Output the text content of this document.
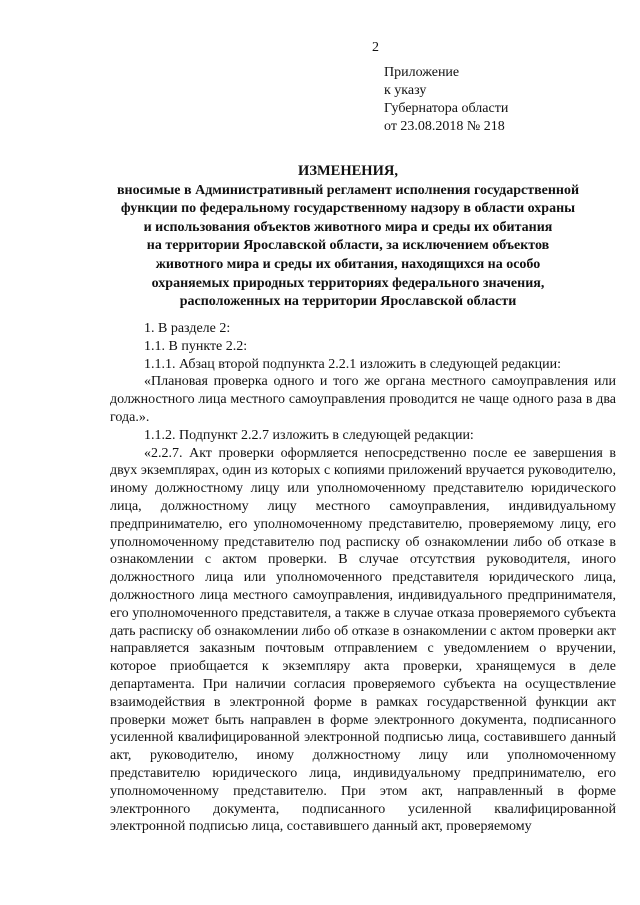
2
Приложение
к указу
Губернатора области
от 23.08.2018 № 218
ИЗМЕНЕНИЯ,
вносимые в Административный регламент исполнения государственной
функции по федеральному государственному надзору в области охраны
и использования объектов животного мира и среды их обитания
на территории Ярославской области, за исключением объектов
животного мира и среды их обитания, находящихся на особо
охраняемых природных территориях федерального значения,
расположенных на территории Ярославской области
1. В разделе 2:
1.1. В пункте 2.2:
1.1.1. Абзац второй подпункта 2.2.1 изложить в следующей редакции:
«Плановая проверка одного и того же органа местного самоуправления или должностного лица местного самоуправления проводится не чаще одного раза в два года.».
1.1.2. Подпункт 2.2.7 изложить в следующей редакции:
«2.2.7. Акт проверки оформляется непосредственно после ее завершения в двух экземплярах, один из которых с копиями приложений вручается руководителю, иному должностному лицу или уполномоченному представителю юридического лица, должностному лицу местного самоуправления, индивидуальному предпринимателю, его уполномоченному представителю, проверяемому лицу, его уполномоченному представителю под расписку об ознакомлении либо об отказе в ознакомлении с актом проверки. В случае отсутствия руководителя, иного должностного лица или уполномоченного представителя юридического лица, должностного лица местного самоуправления, индивидуального предпринимателя, его уполномоченного представителя, а также в случае отказа проверяемого субъекта дать расписку об ознакомлении либо об отказе в ознакомлении с актом проверки акт направляется заказным почтовым отправлением с уведомлением о вручении, которое приобщается к экземпляру акта проверки, хранящемуся в деле департамента. При наличии согласия проверяемого субъекта на осуществление взаимодействия в электронной форме в рамках государственной функции акт проверки может быть направлен в форме электронного документа, подписанного усиленной квалифицированной электронной подписью лица, составившего данный акт, руководителю, иному должностному лицу или уполномоченному представителю юридического лица, индивидуальному предпринимателю, его уполномоченному представителю. При этом акт, направленный в форме электронного документа, подписанного усиленной квалифицированной электронной подписью лица, составившего данный акт, проверяемому
